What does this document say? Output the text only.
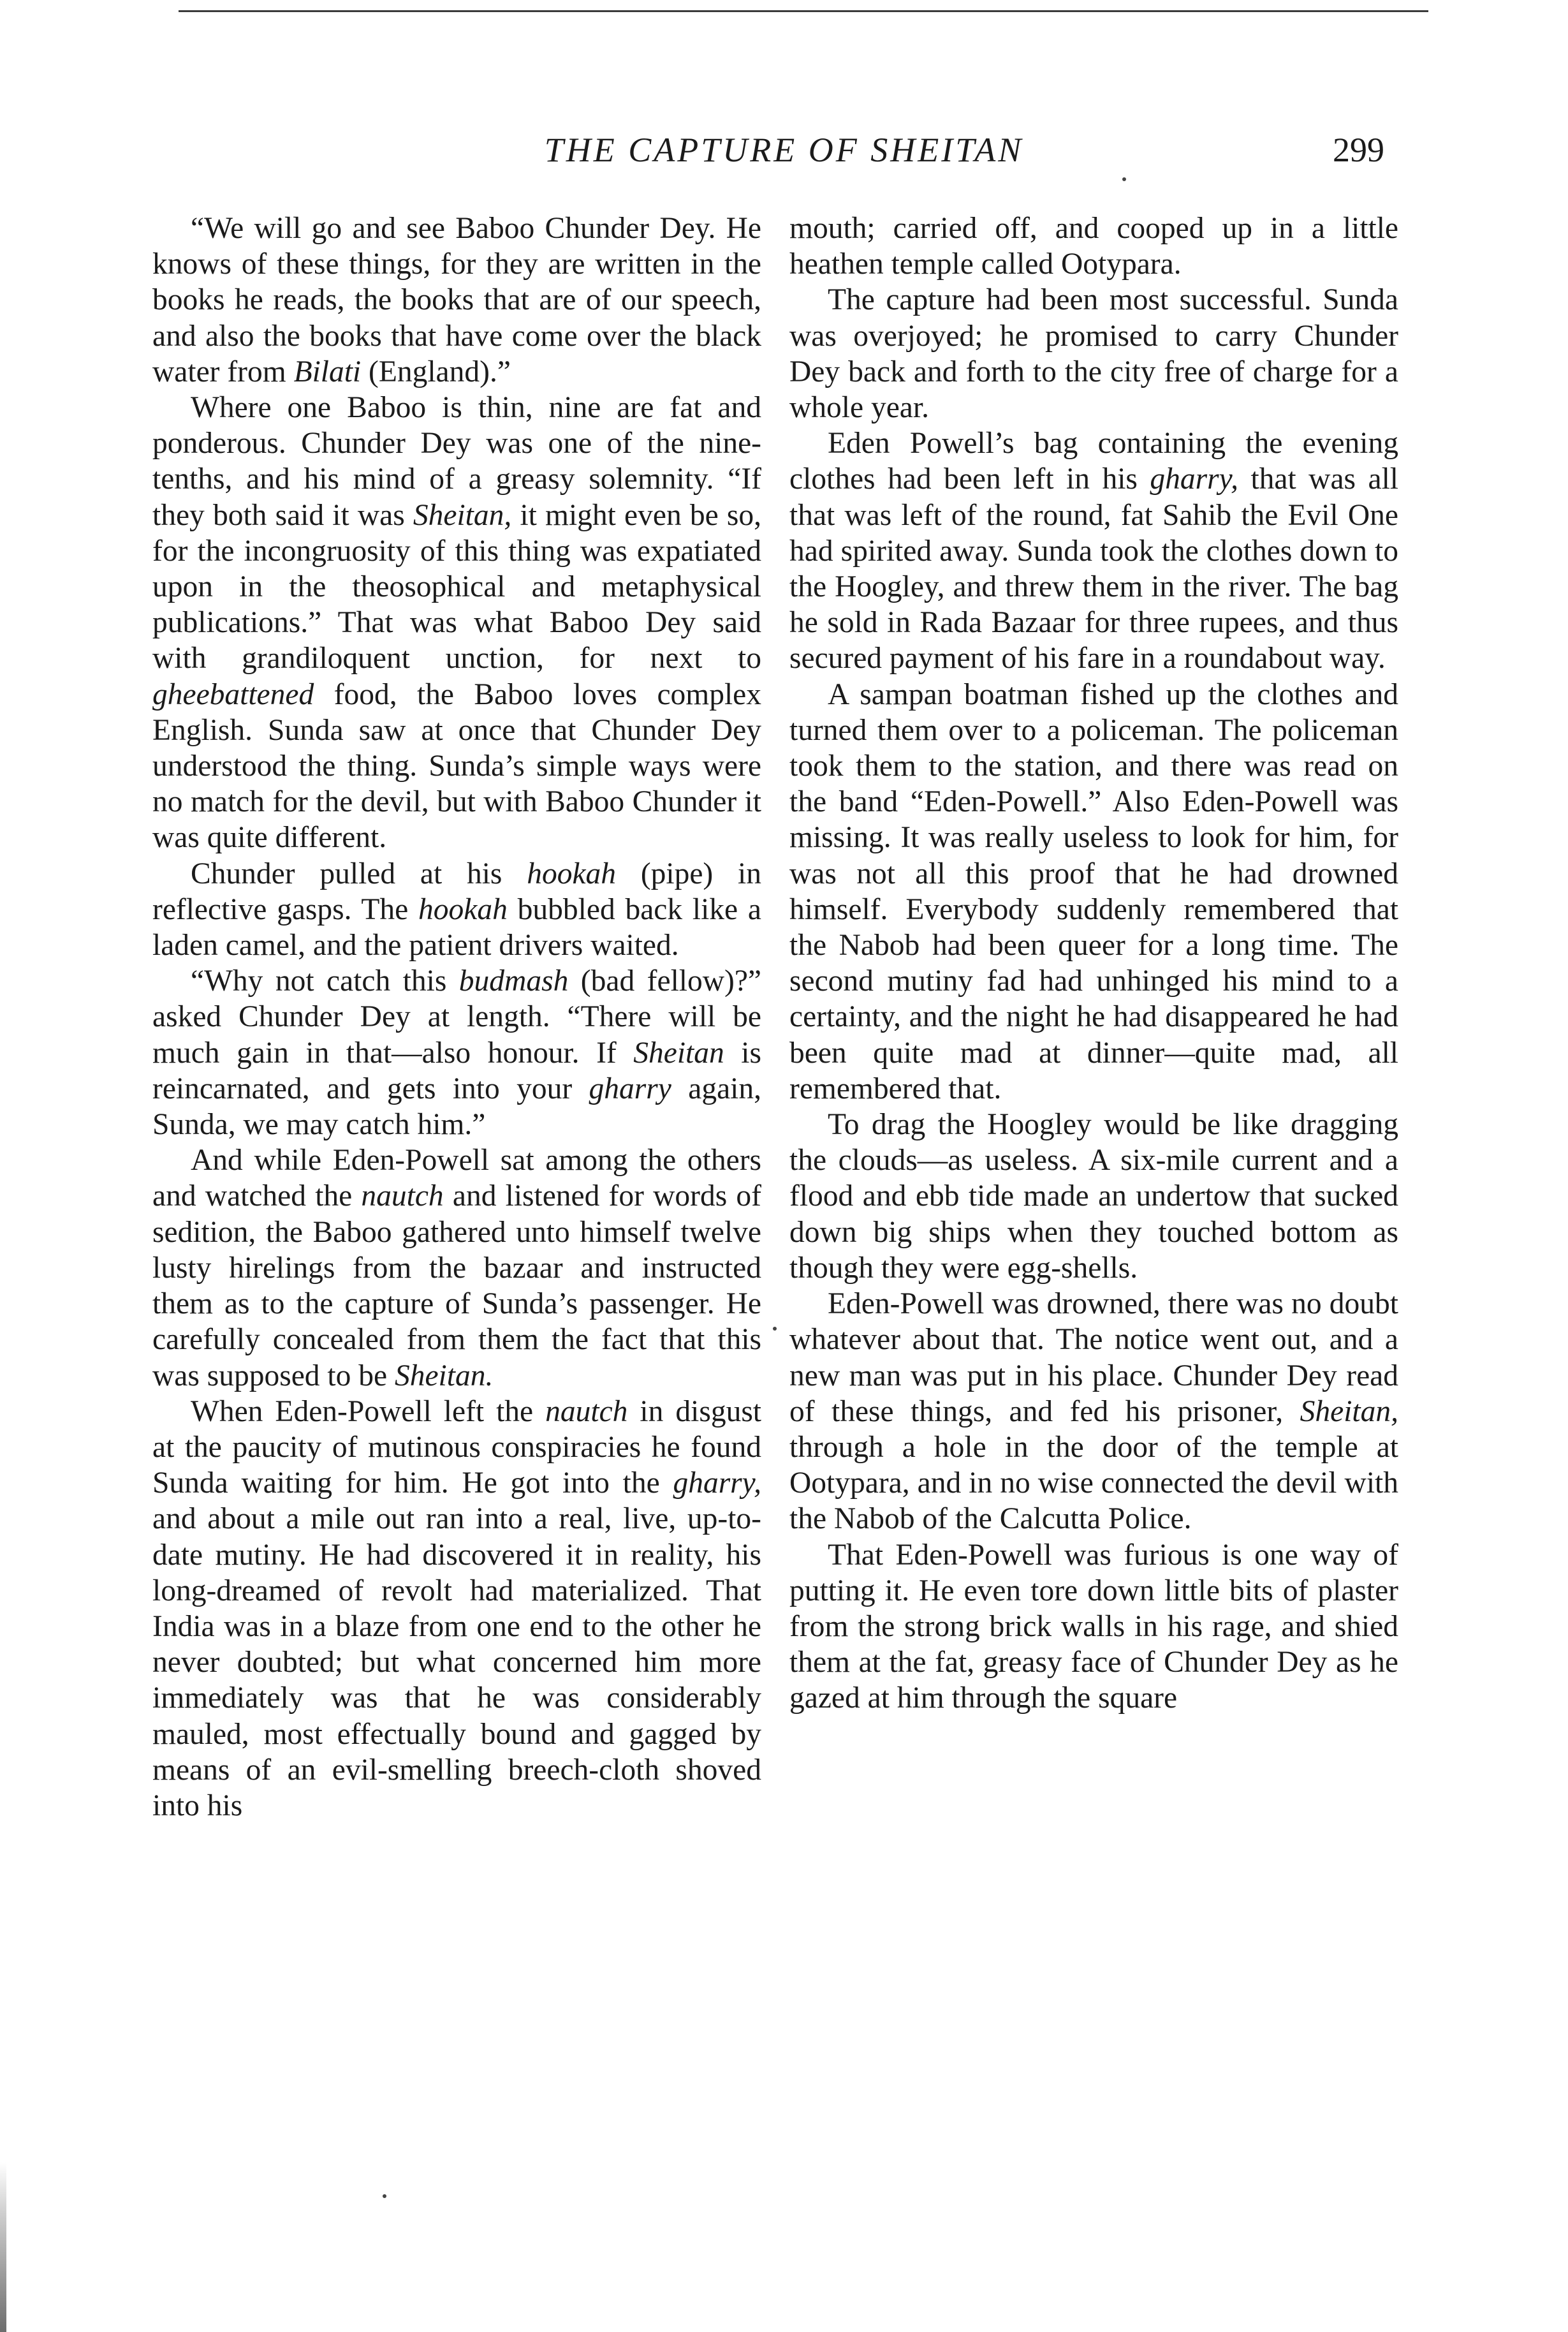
THE CAPTURE OF SHEITAN	299

“We will go and see Baboo Chunder Dey. He knows of these things, for they are written in the books he reads, the books that are of our speech, and also the books that have come over the black water from Bilati (England).”

Where one Baboo is thin, nine are fat and ponderous. Chunder Dey was one of the nine-tenths, and his mind of a greasy solemnity. “If they both said it was Sheitan, it might even be so, for the incongruosity of this thing was expatiated upon in the theosophical and metaphysical publications.” That was what Baboo Dey said with grandiloquent unction, for next to gheebattened food, the Baboo loves complex English. Sunda saw at once that Chunder Dey understood the thing. Sunda’s simple ways were no match for the devil, but with Baboo Chunder it was quite different.

Chunder pulled at his hookah (pipe) in reflective gasps. The hookah bubbled back like a laden camel, and the patient drivers waited.

“Why not catch this budmash (bad fellow)?” asked Chunder Dey at length. “There will be much gain in that—also honour. If Sheitan is reincarnated, and gets into your gharry again, Sunda, we may catch him.”

And while Eden-Powell sat among the others and watched the nautch and listened for words of sedition, the Baboo gathered unto himself twelve lusty hirelings from the bazaar and instructed them as to the capture of Sunda’s passenger. He carefully concealed from them the fact that this was supposed to be Sheitan.

When Eden-Powell left the nautch in disgust at the paucity of mutinous conspiracies he found Sunda waiting for him. He got into the gharry, and about a mile out ran into a real, live, up-to-date mutiny. He had discovered it in reality, his long-dreamed of revolt had materialized. That India was in a blaze from one end to the other he never doubted; but what concerned him more immediately was that he was considerably mauled, most effectually bound and gagged by means of an evil-smelling breech-cloth shoved into his

mouth; carried off, and cooped up in a little heathen temple called Ootypara.

The capture had been most successful. Sunda was overjoyed; he promised to carry Chunder Dey back and forth to the city free of charge for a whole year.

Eden Powell’s bag containing the evening clothes had been left in his gharry, that was all that was left of the round, fat Sahib the Evil One had spirited away. Sunda took the clothes down to the Hoogley, and threw them in the river. The bag he sold in Rada Bazaar for three rupees, and thus secured payment of his fare in a roundabout way.

A sampan boatman fished up the clothes and turned them over to a policeman. The policeman took them to the station, and there was read on the band “Eden-Powell.” Also Eden-Powell was missing. It was really useless to look for him, for was not all this proof that he had drowned himself. Everybody suddenly remembered that the Nabob had been queer for a long time. The second mutiny fad had unhinged his mind to a certainty, and the night he had disappeared he had been quite mad at dinner—quite mad, all remembered that.

To drag the Hoogley would be like dragging the clouds—as useless. A six-mile current and a flood and ebb tide made an undertow that sucked down big ships when they touched bottom as though they were egg-shells.

Eden-Powell was drowned, there was no doubt whatever about that. The notice went out, and a new man was put in his place. Chunder Dey read of these things, and fed his prisoner, Sheitan, through a hole in the door of the temple at Ootypara, and in no wise connected the devil with the Nabob of the Calcutta Police.

That Eden-Powell was furious is one way of putting it. He even tore down little bits of plaster from the strong brick walls in his rage, and shied them at the fat, greasy face of Chunder Dey as he gazed at him through the square
